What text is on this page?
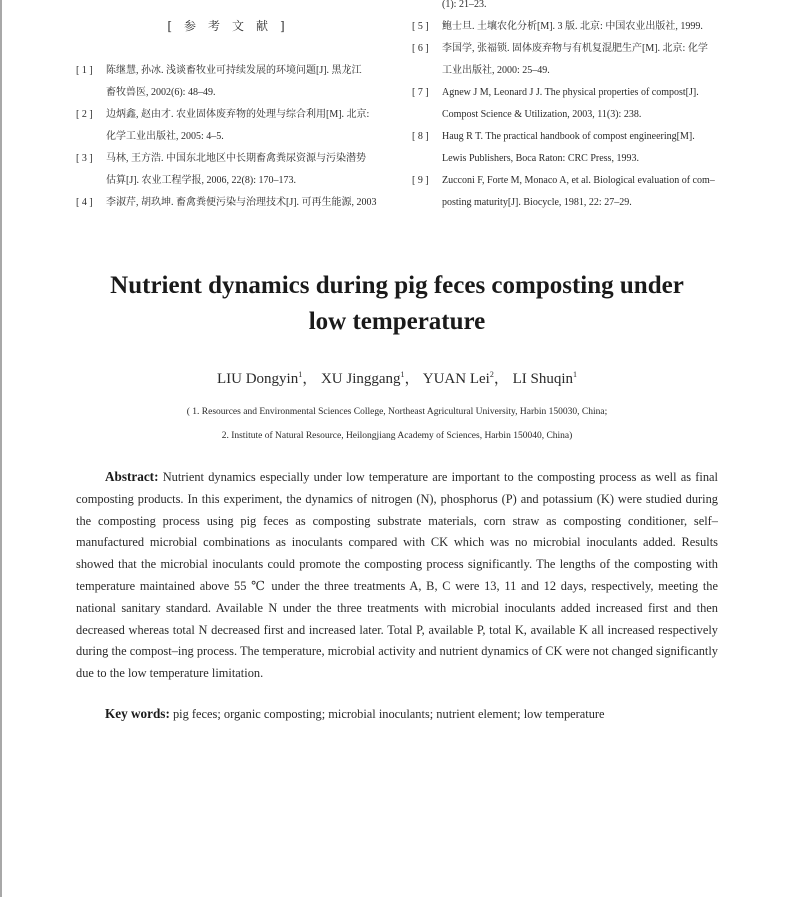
[参考文献]
[ 1 ]	陈继慧, 孙冰. 浅谈畜牧业可持续发展的环境问题[J]. 黑龙江
畜牧兽医, 2002(6): 48–49.
[ 2 ]	边炳鑫, 赵由才. 农业固体废弃物的处理与综合利用[M]. 北京:
化学工业出版社, 2005: 4–5.
[ 3 ]	马林, 王方浩. 中国东北地区中长期畜禽粪尿资源与污染潜势
估算[J]. 农业工程学报, 2006, 22(8): 170–173.
[ 4 ]	李淑芹, 胡玖坤. 畜禽粪便污染与治理技术[J]. 可再生能源, 2003
(1): 21–23.
[ 5 ]	鲍士旦. 土壤农化分析[M]. 3 版. 北京: 中国农业出版社, 1999.
[ 6 ]	李国学, 张福锁. 固体废弃物与有机复混肥生产[M]. 北京: 化学
工业出版社, 2000: 25–49.
[ 7 ]	Agnew J M, Leonard J J. The physical properties of compost[J].
Compost Science & Utilization, 2003, 11(3): 238.
[ 8 ]	Haug R T. The practical handbook of compost engineering[M].
Lewis Publishers, Boca Raton: CRC Press, 1993.
[ 9 ]	Zucconi F, Forte M, Monaco A, et al. Biological evaluation of com–
posting maturity[J]. Biocycle, 1981, 22: 27–29.
Nutrient dynamics during pig feces composting under
low temperature
LIU Dongyin$^1$， XU Jinggang$^1$， YUAN Lei$^2$， LI Shuqin$^1$
( 1. Resources and Environmental Sciences College, Northeast Agricultural University, Harbin 150030, China;
2. Institute of Natural Resource, Heilongjiang Academy of Sciences, Harbin 150040, China)
Abstract: Nutrient dynamics especially under low temperature are important to the composting process as well as final composting products. In this experiment, the dynamics of nitrogen (N), phosphorus (P) and potassium (K) were studied during the composting process using pig feces as composting substrate materials, corn straw as composting conditioner, self–manufactured microbial combinations as inoculants compared with CK which was no microbial inoculants added. Results showed that the microbial inoculants could promote the composting process significantly. The lengths of the composting with temperature maintained above 55 ℃ under the three treatments A, B, C were 13, 11 and 12 days, respectively, meeting the national sanitary standard. Available N under the three treatments with microbial inoculants added increased first and then decreased whereas total N decreased first and increased later. Total P, available P, total K, available K all increased respectively during the compost–ing process. The temperature, microbial activity and nutrient dynamics of CK were not changed significantly due to the low temperature limitation.
Key words: pig feces; organic composting; microbial inoculants; nutrient element; low temperature
